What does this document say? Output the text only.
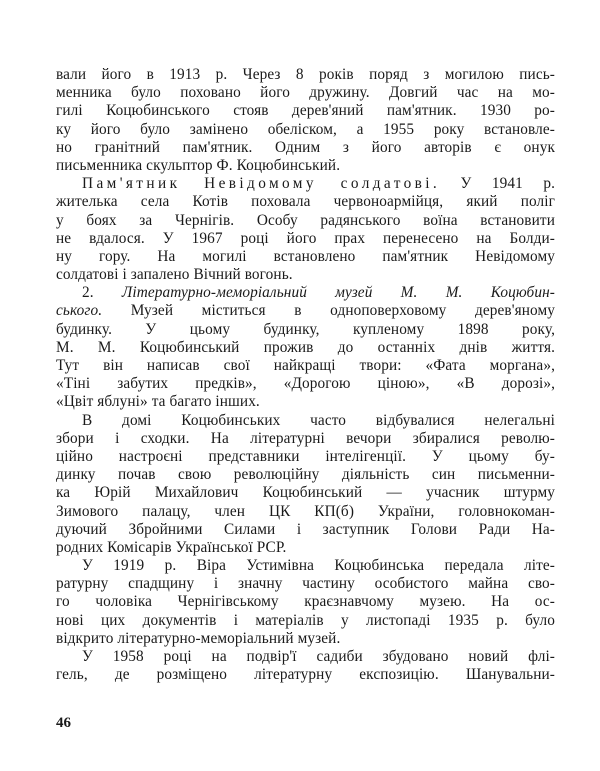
вали його в 1913 р. Через 8 років поряд з могилою пись-
менника було поховано його дружину. Довгий час на мо-
гилі Коцюбинського стояв дерев'яний пам'ятник. 1930 ро-
ку його було замінено обеліском, а 1955 року встановле-
но гранітний пам'ятник. Одним з його авторів є онук
письменника скульптор Ф. Коцюбинський.
Пам'ятник Невідомому солдатові. У 1941 р.
жителька села Котів поховала червоноармійця, який поліг
у боях за Чернігів. Особу радянського воїна встановити
не вдалося. У 1967 році його прах перенесено на Болди-
ну гору. На могилі встановлено пам'ятник Невідомому
солдатові і запалено Вічний вогонь.
2. Літературно-меморіальний музей М. М. Коцюбин-
ського. Музей міститься в одноповерховому дерев'яному
будинку. У цьому будинку, купленому 1898 року,
М. М. Коцюбинський прожив до останніх днів життя.
Тут він написав свої найкращі твори: «Фата моргана»,
«Тіні забутих предків», «Дорогою ціною», «В дорозі»,
«Цвіт яблуні» та багато інших.
В домі Коцюбинських часто відбувалися нелегальні
збори і сходки. На літературні вечори збиралися револю-
ційно настроєні представники інтелігенції. У цьому бу-
динку почав свою революційну діяльність син письменни-
ка Юрій Михайлович Коцюбинський — учасник штурму
Зимового палацу, член ЦК КП(б) України, головнокоман-
дуючий Збройними Силами і заступник Голови Ради На-
родних Комісарів Української РСР.
У 1919 р. Віра Устимівна Коцюбинська передала літе-
ратурну спадщину і значну частину особистого майна сво-
го чоловіка Чернігівському краєзнавчому музею. На ос-
нові цих документів і матеріалів у листопаді 1935 р. було
відкрито літературно-меморіальний музей.
У 1958 році на подвір'ї садиби збудовано новий флі-
гель, де розміщено літературну експозицію. Шанувальни-
46
